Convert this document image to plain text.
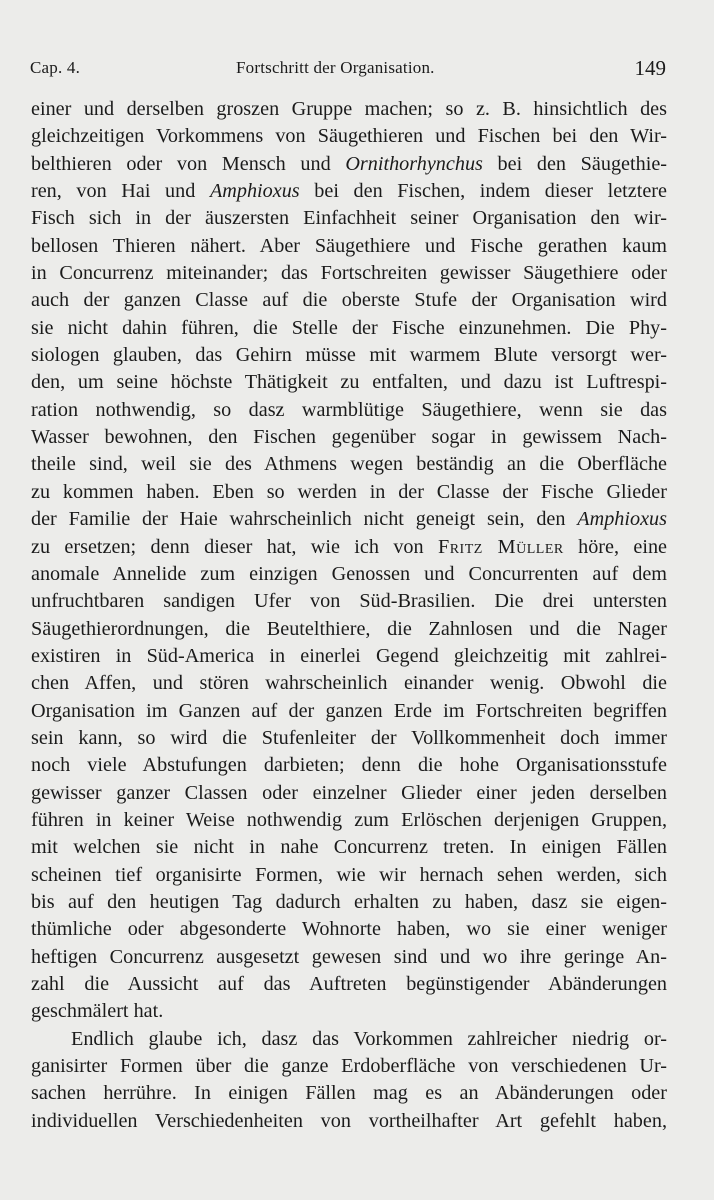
Cap. 4.	Fortschritt der Organisation.	149
einer und derselben groszen Gruppe machen; so z. B. hinsichtlich des
gleichzeitigen Vorkommens von Säugethieren und Fischen bei den Wir-
belthieren oder von Mensch und Ornithorhynchus bei den Säugethie-
ren, von Hai und Amphioxus bei den Fischen, indem dieser letztere
Fisch sich in der äuszersten Einfachheit seiner Organisation den wir-
bellosen Thieren nähert. Aber Säugethiere und Fische gerathen kaum
in Concurrenz miteinander; das Fortschreiten gewisser Säugethiere oder
auch der ganzen Classe auf die oberste Stufe der Organisation wird
sie nicht dahin führen, die Stelle der Fische einzunehmen. Die Phy-
siologen glauben, das Gehirn müsse mit warmem Blute versorgt wer-
den, um seine höchste Thätigkeit zu entfalten, und dazu ist Luftrespi-
ration nothwendig, so dasz warmblütige Säugethiere, wenn sie das
Wasser bewohnen, den Fischen gegenüber sogar in gewissem Nach-
theile sind, weil sie des Athmens wegen beständig an die Oberfläche
zu kommen haben. Eben so werden in der Classe der Fische Glieder
der Familie der Haie wahrscheinlich nicht geneigt sein, den Amphioxus
zu ersetzen; denn dieser hat, wie ich von Fritz Müller höre, eine
anomale Annelide zum einzigen Genossen und Concurrenten auf dem
unfruchtbaren sandigen Ufer von Süd-Brasilien. Die drei untersten
Säugethierordnungen, die Beutelthiere, die Zahnlosen und die Nager
existiren in Süd-America in einerlei Gegend gleichzeitig mit zahlrei-
chen Affen, und stören wahrscheinlich einander wenig. Obwohl die
Organisation im Ganzen auf der ganzen Erde im Fortschreiten begriffen
sein kann, so wird die Stufenleiter der Vollkommenheit doch immer
noch viele Abstufungen darbieten; denn die hohe Organisationsstufe
gewisser ganzer Classen oder einzelner Glieder einer jeden derselben
führen in keiner Weise nothwendig zum Erlöschen derjenigen Gruppen,
mit welchen sie nicht in nahe Concurrenz treten. In einigen Fällen
scheinen tief organisirte Formen, wie wir hernach sehen werden, sich
bis auf den heutigen Tag dadurch erhalten zu haben, dasz sie eigen-
thümliche oder abgesonderte Wohnorte haben, wo sie einer weniger
heftigen Concurrenz ausgesetzt gewesen sind und wo ihre geringe An-
zahl die Aussicht auf das Auftreten begünstigender Abänderungen
geschmälert hat.
Endlich glaube ich, dasz das Vorkommen zahlreicher niedrig or-
ganisirter Formen über die ganze Erdoberfläche von verschiedenen Ur-
sachen herrühre. In einigen Fällen mag es an Abänderungen oder
individuellen Verschiedenheiten von vortheilhafter Art gefehlt haben,
